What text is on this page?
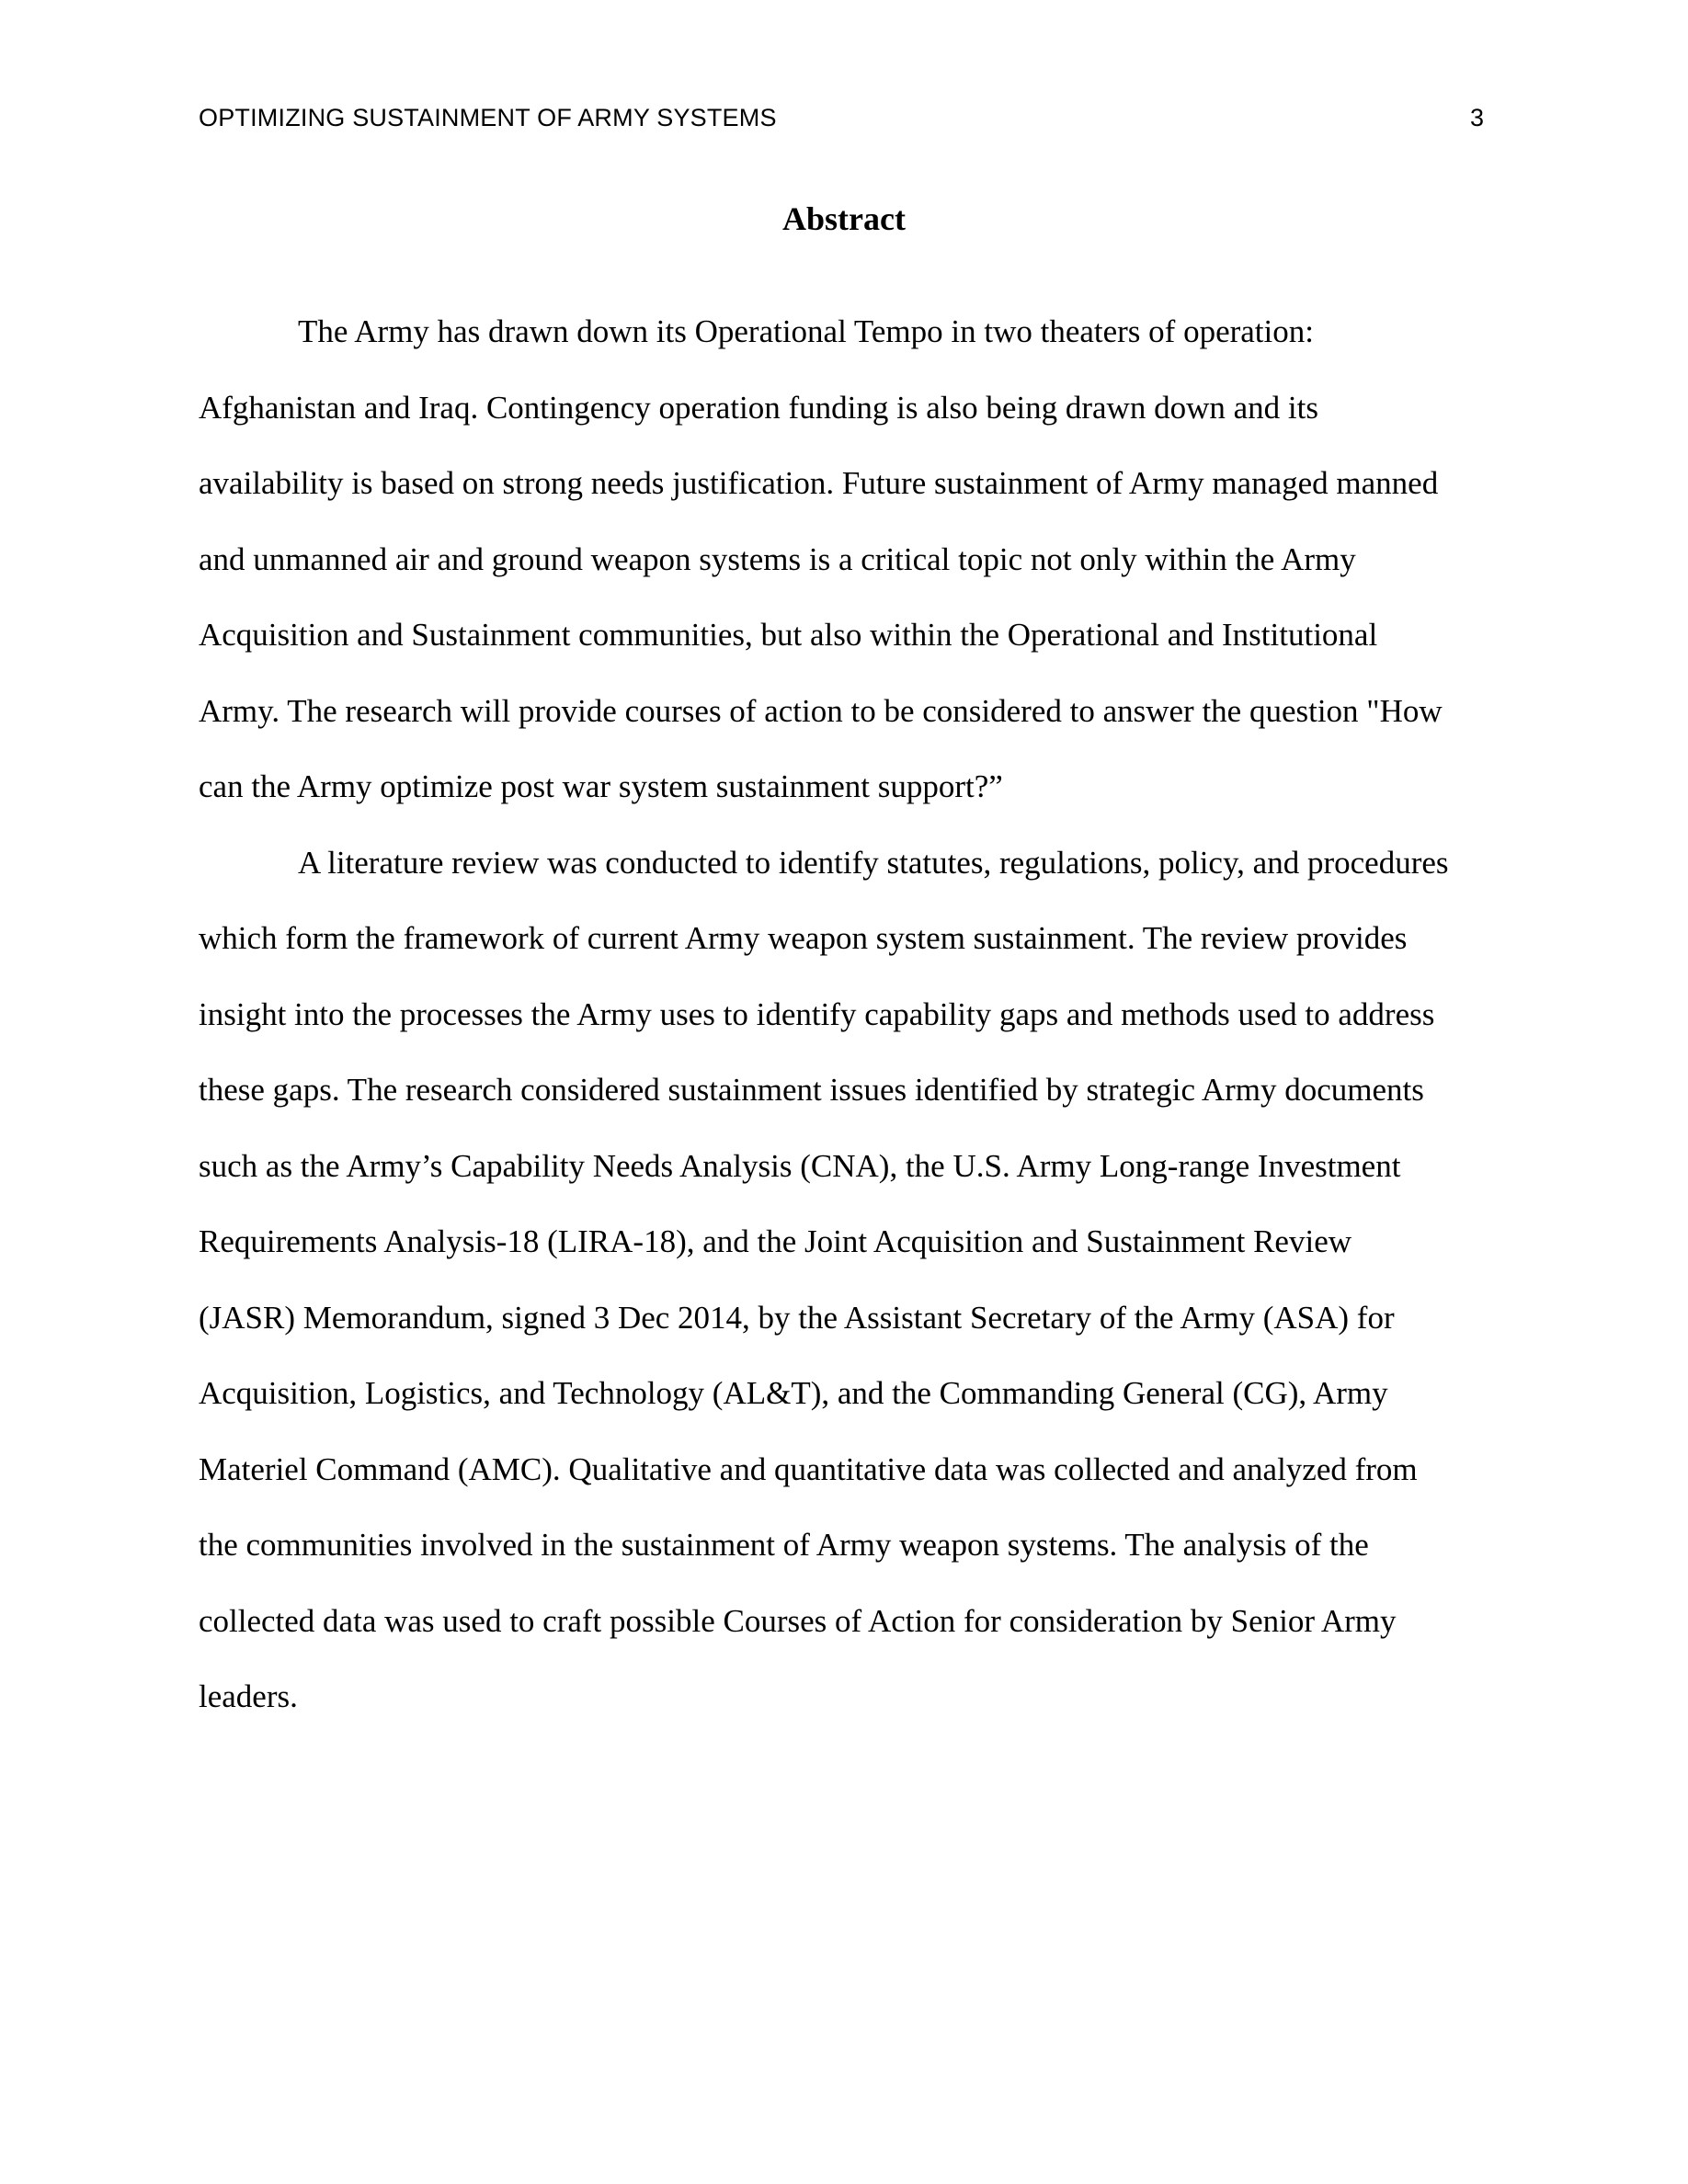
OPTIMIZING SUSTAINMENT OF ARMY SYSTEMS	3
Abstract
The Army has drawn down its Operational Tempo in two theaters of operation:
Afghanistan and Iraq. Contingency operation funding is also being drawn down and its
availability is based on strong needs justification. Future sustainment of Army managed manned
and unmanned air and ground weapon systems is a critical topic not only within the Army
Acquisition and Sustainment communities, but also within the Operational and Institutional
Army. The research will provide courses of action to be considered to answer the question "How
can the Army optimize post war system sustainment support?”
A literature review was conducted to identify statutes, regulations, policy, and procedures
which form the framework of current Army weapon system sustainment. The review provides
insight into the processes the Army uses to identify capability gaps and methods used to address
these gaps. The research considered sustainment issues identified by strategic Army documents
such as the Army’s Capability Needs Analysis (CNA), the U.S. Army Long-range Investment
Requirements Analysis-18 (LIRA-18), and the Joint Acquisition and Sustainment Review
(JASR) Memorandum, signed 3 Dec 2014, by the Assistant Secretary of the Army (ASA) for
Acquisition, Logistics, and Technology (AL&T), and the Commanding General (CG), Army
Materiel Command (AMC). Qualitative and quantitative data was collected and analyzed from
the communities involved in the sustainment of Army weapon systems. The analysis of the
collected data was used to craft possible Courses of Action for consideration by Senior Army
leaders.
